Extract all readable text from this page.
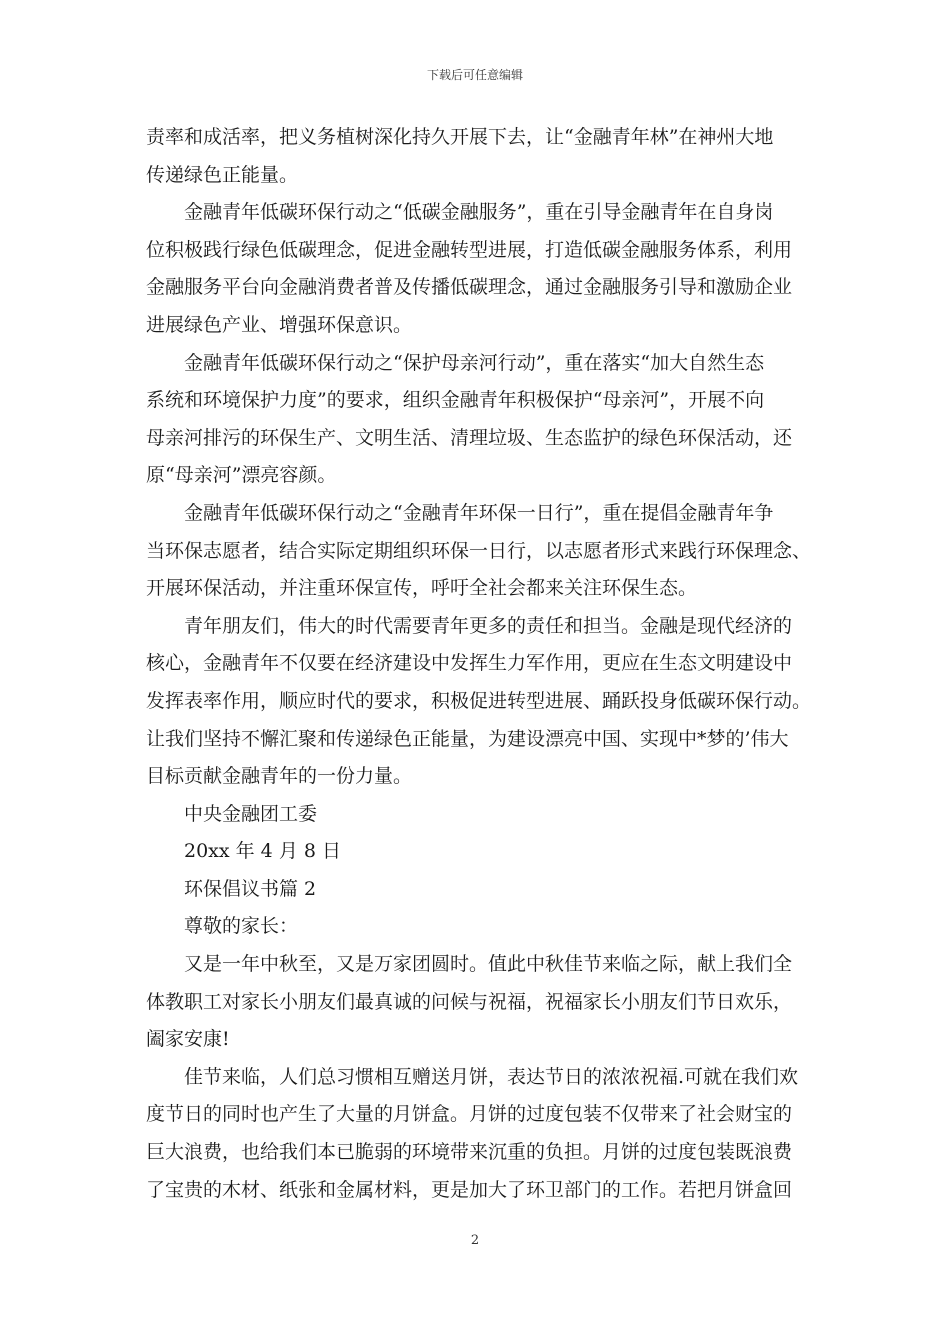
下载后可任意编辑
责率和成活率，把义务植树深化持久开展下去，让“金融青年林”在神州大地
传递绿色正能量。
金融青年低碳环保行动之“低碳金融服务”，重在引导金融青年在自身岗
位积极践行绿色低碳理念，促进金融转型进展，打造低碳金融服务体系，利用
金融服务平台向金融消费者普及传播低碳理念，通过金融服务引导和激励企业
进展绿色产业、增强环保意识。
金融青年低碳环保行动之“保护母亲河行动”，重在落实“加大自然生态
系统和环境保护力度”的要求，组织金融青年积极保护“母亲河”，开展不向
母亲河排污的环保生产、文明生活、清理垃圾、生态监护的绿色环保活动，还
原“母亲河”漂亮容颜。
金融青年低碳环保行动之“金融青年环保一日行”，重在提倡金融青年争
当环保志愿者，结合实际定期组织环保一日行，以志愿者形式来践行环保理念、
开展环保活动，并注重环保宣传，呼吁全社会都来关注环保生态。
青年朋友们，伟大的时代需要青年更多的责任和担当。金融是现代经济的
核心，金融青年不仅要在经济建设中发挥生力军作用，更应在生态文明建设中
发挥表率作用，顺应时代的要求，积极促进转型进展、踊跃投身低碳环保行动。
让我们坚持不懈汇聚和传递绿色正能量，为建设漂亮中国、实现中*梦的’伟大
目标贡献金融青年的一份力量。
中央金融团工委
20xx 年 4 月 8 日
环保倡议书篇 2
尊敬的家长：
又是一年中秋至，又是万家团圆时。值此中秋佳节来临之际，献上我们全
体教职工对家长小朋友们最真诚的问候与祝福，祝福家长小朋友们节日欢乐，
阖家安康!
佳节来临，人们总习惯相互赠送月饼，表达节日的浓浓祝福.可就在我们欢
度节日的同时也产生了大量的月饼盒。月饼的过度包装不仅带来了社会财宝的
巨大浪费，也给我们本已脆弱的环境带来沉重的负担。月饼的过度包装既浪费
了宝贵的木材、纸张和金属材料，更是加大了环卫部门的工作。若把月饼盒回
2
